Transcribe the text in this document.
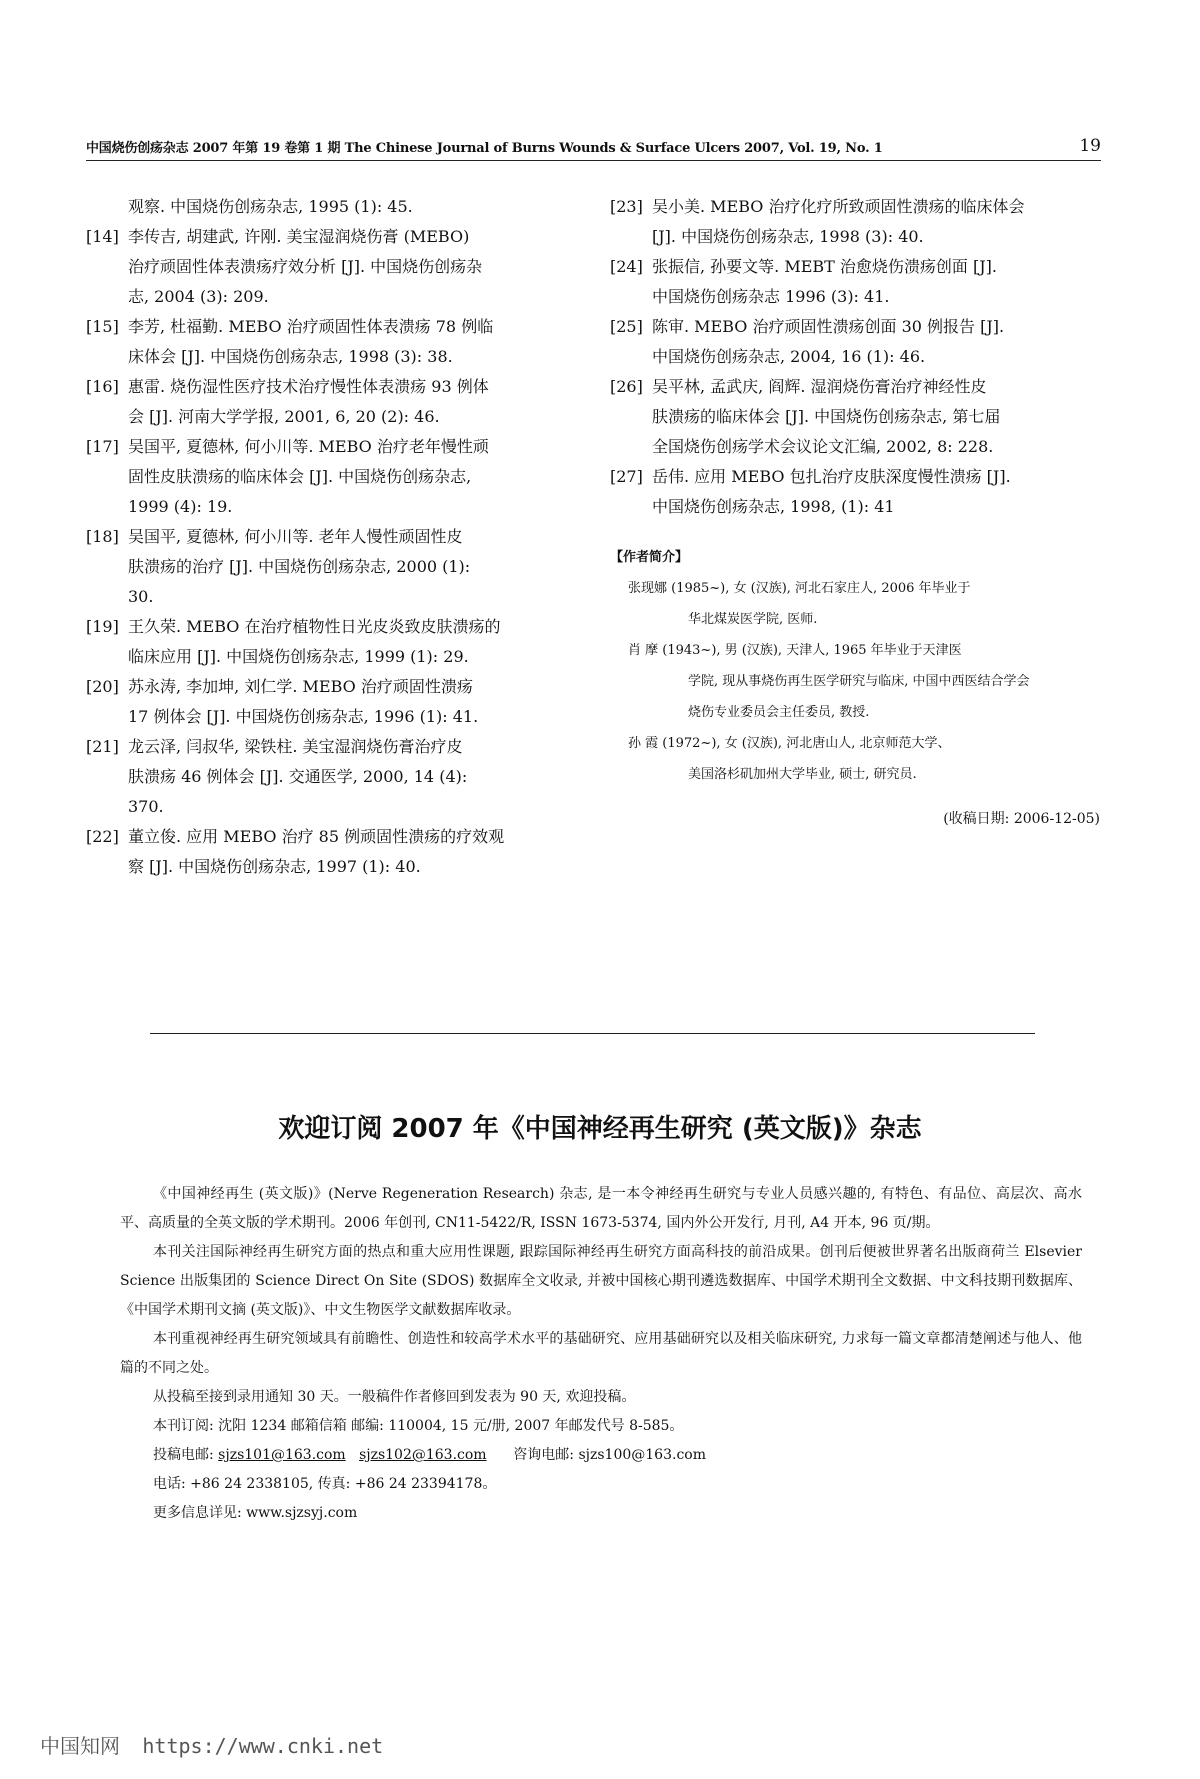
中国烧伤创疡杂志 2007 年第 19 卷第 1 期 The Chinese Journal of Burns Wounds & Surface Ulcers 2007, Vol. 19, No. 1	19
观察. 中国烧伤创疡杂志, 1995 (1): 45.
[14] 李传吉, 胡建武, 许刚. 美宝湿润烧伤膏 (MEBO)
治疗顽固性体表溃疡疗效分析 [J]. 中国烧伤创疡杂
志, 2004 (3): 209.
[15] 李芳, 杜福勤. MEBO 治疗顽固性体表溃疡 78 例临
床体会 [J]. 中国烧伤创疡杂志, 1998 (3): 38.
[16] 惠雷. 烧伤湿性医疗技术治疗慢性体表溃疡 93 例体
会 [J]. 河南大学学报, 2001, 6, 20 (2): 46.
[17] 吴国平, 夏德林, 何小川等. MEBO 治疗老年慢性顽
固性皮肤溃疡的临床体会 [J]. 中国烧伤创疡杂志,
1999 (4): 19.
[18] 吴国平, 夏德林, 何小川等. 老年人慢性顽固性皮
肤溃疡的治疗 [J]. 中国烧伤创疡杂志, 2000 (1):
30.
[19] 王久荣. MEBO 在治疗植物性日光皮炎致皮肤溃疡的
临床应用 [J]. 中国烧伤创疡杂志, 1999 (1): 29.
[20] 苏永涛, 李加坤, 刘仁学. MEBO 治疗顽固性溃疡
17 例体会 [J]. 中国烧伤创疡杂志, 1996 (1): 41.
[21] 龙云泽, 闫叔华, 梁铁柱. 美宝湿润烧伤膏治疗皮
肤溃疡 46 例体会 [J]. 交通医学, 2000, 14 (4):
370.
[22] 董立俊. 应用 MEBO 治疗 85 例顽固性溃疡的疗效观
察 [J]. 中国烧伤创疡杂志, 1997 (1): 40.
[23] 吴小美. MEBO 治疗化疗所致顽固性溃疡的临床体会
[J]. 中国烧伤创疡杂志, 1998 (3): 40.
[24] 张振信, 孙要文等. MEBT 治愈烧伤溃疡创面 [J].
中国烧伤创疡杂志 1996 (3): 41.
[25] 陈审. MEBO 治疗顽固性溃疡创面 30 例报告 [J].
中国烧伤创疡杂志, 2004, 16 (1): 46.
[26] 吴平林, 孟武庆, 阎辉. 湿润烧伤膏治疗神经性皮
肤溃疡的临床体会 [J]. 中国烧伤创疡杂志, 第七届
全国烧伤创疡学术会议论文汇编, 2002, 8: 228.
[27] 岳伟. 应用 MEBO 包扎治疗皮肤深度慢性溃疡 [J].
中国烧伤创疡杂志, 1998, (1): 41
【作者简介】

张现娜 (1985~), 女 (汉族), 河北石家庄人, 2006 年毕业于

华北煤炭医学院, 医师.

肖 摩 (1943~), 男 (汉族), 天津人, 1965 年毕业于天津医

学院, 现从事烧伤再生医学研究与临床, 中国中西医结合学会

烧伤专业委员会主任委员, 教授.

孙 霞 (1972~), 女 (汉族), 河北唐山人, 北京师范大学、

美国洛杉矶加州大学毕业, 硕士, 研究员.

(收稿日期: 2006-12-05)
欢迎订阅 2007 年《中国神经再生研究 (英文版)》杂志

《中国神经再生 (英文版)》(Nerve Regeneration Research) 杂志, 是一本令神经再生研究与专业人员感兴趣的, 有特色、有品位、高层次、高水平、高质量的全英文版的学术期刊。2006 年创刊, CN11-5422/R, ISSN 1673-5374, 国内外公开发行, 月刊, A4 开本, 96 页/期。

本刊关注国际神经再生研究方面的热点和重大应用性课题, 跟踪国际神经再生研究方面高科技的前沿成果。创刊后便被世界著名出版商荷兰 Elsevier Science 出版集团的 Science Direct On Site (SDOS) 数据库全文收录, 并被中国核心期刊遴选数据库、中国学术期刊全文数据、中文科技期刊数据库、《中国学术期刊文摘 (英文版)》、中文生物医学文献数据库收录。

本刊重视神经再生研究领域具有前瞻性、创造性和较高学术水平的基础研究、应用基础研究以及相关临床研究, 力求每一篇文章都清楚阐述与他人、他篇的不同之处。

从投稿至接到录用通知 30 天。一般稿件作者修回到发表为 90 天, 欢迎投稿。

本刊订阅: 沈阳 1234 邮箱信箱 邮编: 110004, 15 元/册, 2007 年邮发代号 8-585。

投稿电邮: sjzs101@163.com sjzs102@163.com 咨询电邮: sjzs100@163.com

电话: +86 24 2338105, 传真: +86 24 23394178。

更多信息详见: www.sjzsyj.com

中国知网 https://www.cnki.net
